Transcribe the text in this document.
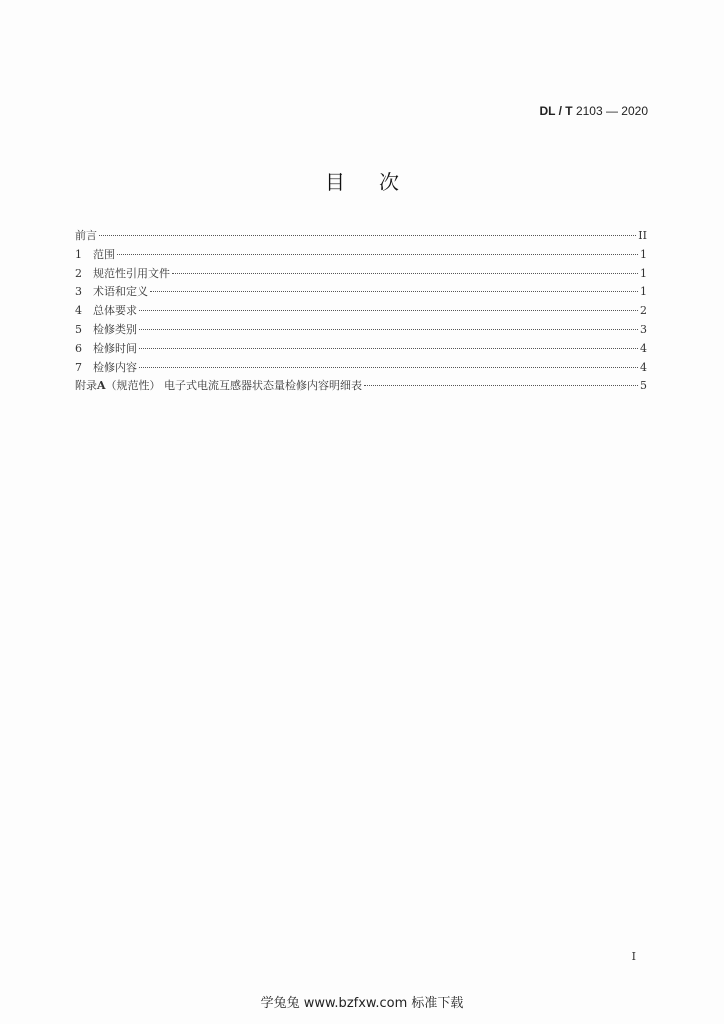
DL / T 2103 — 2020
目次
前言	II
1	范围	1
2	规范性引用文件	1
3	术语和定义	1
4	总体要求	2
5	检修类别	3
6	检修时间	4
7	检修内容	4
附录A（规范性） 电子式电流互感器状态量检修内容明细表	5
I
学兔兔 www.bzfxw.com 标准下载
